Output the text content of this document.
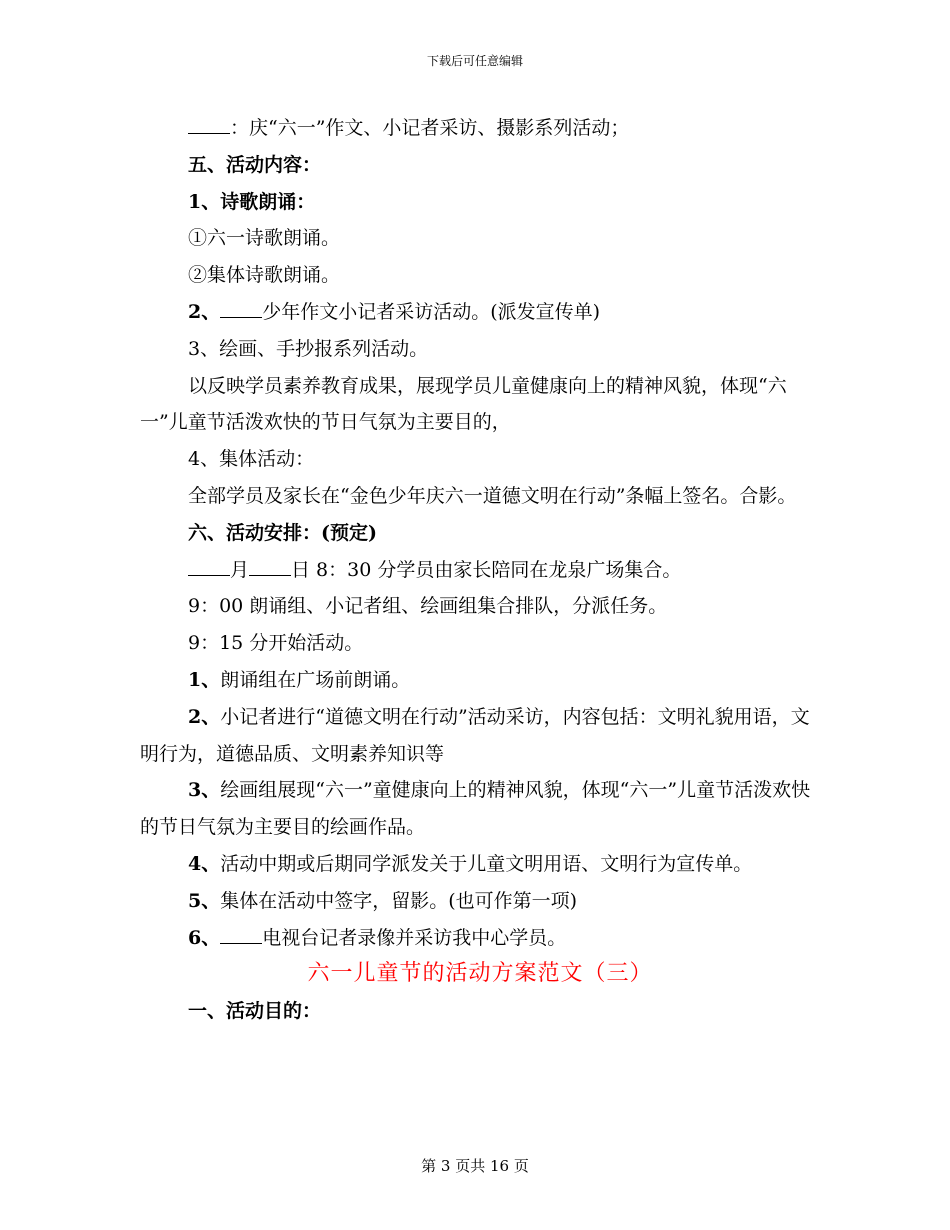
下载后可任意编辑

：庆“六一”作文、小记者采访、摄影系列活动；

五、活动内容：

1、诗歌朗诵：

①六一诗歌朗诵。

②集体诗歌朗诵。

2、 少年作文小记者采访活动。(派发宣传单)

3、绘画、手抄报系列活动。

以反映学员素养教育成果，展现学员儿童健康向上的精神风貌，体现“六一”儿童节活泼欢快的节日气氛为主要目的，

4、集体活动：

全部学员及家长在“金色少年庆六一道德文明在行动”条幅上签名。合影。

六、活动安排：(预定)

月 日 8：30 分学员由家长陪同在龙泉广场集合。

9：00 朗诵组、小记者组、绘画组集合排队，分派任务。

9：15 分开始活动。

1、朗诵组在广场前朗诵。

2、小记者进行“道德文明在行动”活动采访，内容包括：文明礼貌用语，文明行为，道德品质、文明素养知识等

3、绘画组展现“六一”童健康向上的精神风貌，体现“六一”儿童节活泼欢快的节日气氛为主要目的绘画作品。

4、活动中期或后期同学派发关于儿童文明用语、文明行为宣传单。

5、集体在活动中签字，留影。(也可作第一项)

6、 电视台记者录像并采访我中心学员。

六一儿童节的活动方案范文（三）

一、活动目的：

第 3 页共 16 页
